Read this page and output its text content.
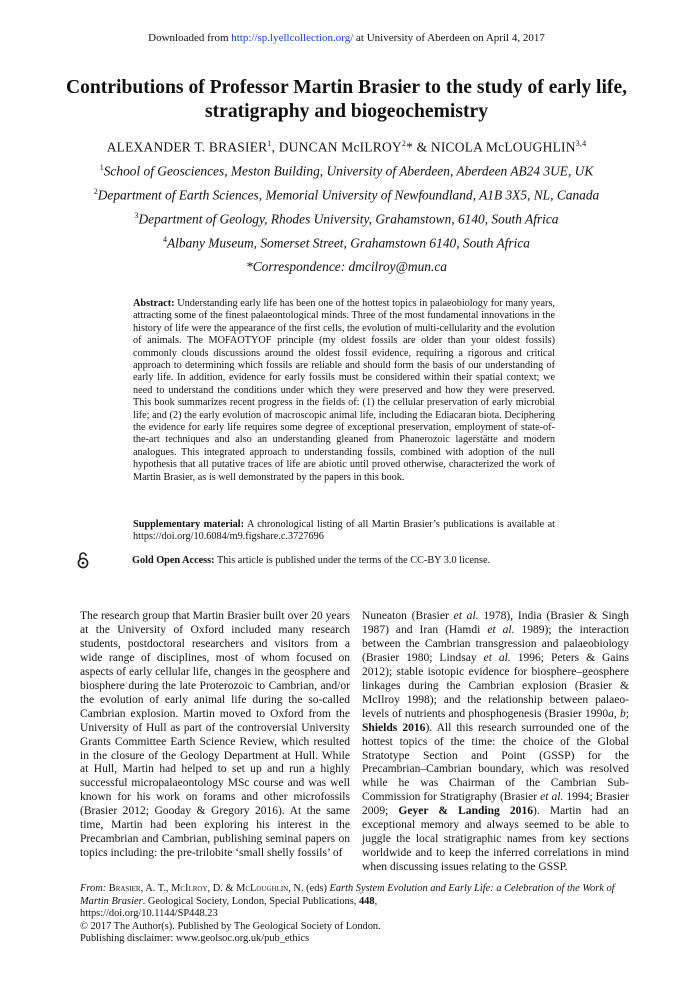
Downloaded from http://sp.lyellcollection.org/ at University of Aberdeen on April 4, 2017
Contributions of Professor Martin Brasier to the study of early life,
stratigraphy and biogeochemistry
ALEXANDER T. BRASIER$^1$, DUNCAN McILROY$^2$* & NICOLA McLOUGHLIN$^{3,4}$
$^1$School of Geosciences, Meston Building, University of Aberdeen, Aberdeen AB24 3UE, UK
$^2$Department of Earth Sciences, Memorial University of Newfoundland, A1B 3X5, NL, Canada
$^3$Department of Geology, Rhodes University, Grahamstown, 6140, South Africa
$^4$Albany Museum, Somerset Street, Grahamstown 6140, South Africa
*Correspondence: dmcilroy@mun.ca
Abstract: Understanding early life has been one of the hottest topics in palaeobiology for many years, attracting some of the finest palaeontological minds. Three of the most fundamental innovations in the history of life were the appearance of the first cells, the evolution of multi-cellularity and the evolution of animals. The MOFAOTYOF principle (my oldest fossils are older than your oldest fossils) commonly clouds discussions around the oldest fossil evidence, requiring a rigorous and critical approach to determining which fossils are reliable and should form the basis of our understanding of early life. In addition, evidence for early fossils must be considered within their spatial context; we need to understand the conditions under which they were preserved and how they were preserved. This book summarizes recent progress in the fields of: (1) the cellular preservation of early microbial life; and (2) the early evolution of macroscopic animal life, including the Ediacaran biota. Deciphering the evidence for early life requires some degree of exceptional preservation, employment of state-of-the-art techniques and also an understanding gleaned from Phanerozoic lagerstätte and modern analogues. This integrated approach to understanding fossils, combined with adoption of the null hypothesis that all putative traces of life are abiotic until proved otherwise, characterized the work of Martin Brasier, as is well demonstrated by the papers in this book.
Supplementary material: A chronological listing of all Martin Brasier’s publications is available at https://doi.org/10.6084/m9.figshare.c.3727696
Gold Open Access: This article is published under the terms of the CC-BY 3.0 license.
The research group that Martin Brasier built over 20 years at the University of Oxford included many research students, postdoctoral researchers and visitors from a wide range of disciplines, most of whom focused on aspects of early cellular life, changes in the geosphere and biosphere during the late Proterozoic to Cambrian, and/or the evolution of early animal life during the so-called Cambrian explosion. Martin moved to Oxford from the University of Hull as part of the controversial University Grants Committee Earth Science Review, which resulted in the closure of the Geology Department at Hull. While at Hull, Martin had helped to set up and run a highly successful micropalaeontology MSc course and was well known for his work on forams and other microfossils (Brasier 2012; Gooday & Gregory 2016). At the same time, Martin had been exploring his interest in the Precambrian and Cambrian, publishing seminal papers on topics including: the pre-trilobite ‘small shelly fossils’ of
Nuneaton (Brasier et al. 1978), India (Brasier & Singh 1987) and Iran (Hamdi et al. 1989); the interaction between the Cambrian transgression and palaeobiology (Brasier 1980; Lindsay et al. 1996; Peters & Gains 2012); stable isotopic evidence for biosphere–geosphere linkages during the Cambrian explosion (Brasier & McIlroy 1998); and the relationship between palaeo-levels of nutrients and phosphogenesis (Brasier 1990a, b; Shields 2016). All this research surrounded one of the hottest topics of the time: the choice of the Global Stratotype Section and Point (GSSP) for the Precambrian–Cambrian boundary, which was resolved while he was Chairman of the Cambrian Sub-Commission for Stratigraphy (Brasier et al. 1994; Brasier 2009; Geyer & Landing 2016). Martin had an exceptional memory and always seemed to be able to juggle the local stratigraphic names from key sections worldwide and to keep the inferred correlations in mind when discussing issues relating to the GSSP.
From: Brasier, A. T., McIlroy, D. & McLoughlin, N. (eds) Earth System Evolution and Early Life: a Celebration of the Work of Martin Brasier. Geological Society, London, Special Publications, 448,
https://doi.org/10.1144/SP448.23
© 2017 The Author(s). Published by The Geological Society of London.
Publishing disclaimer: www.geolsoc.org.uk/pub_ethics
